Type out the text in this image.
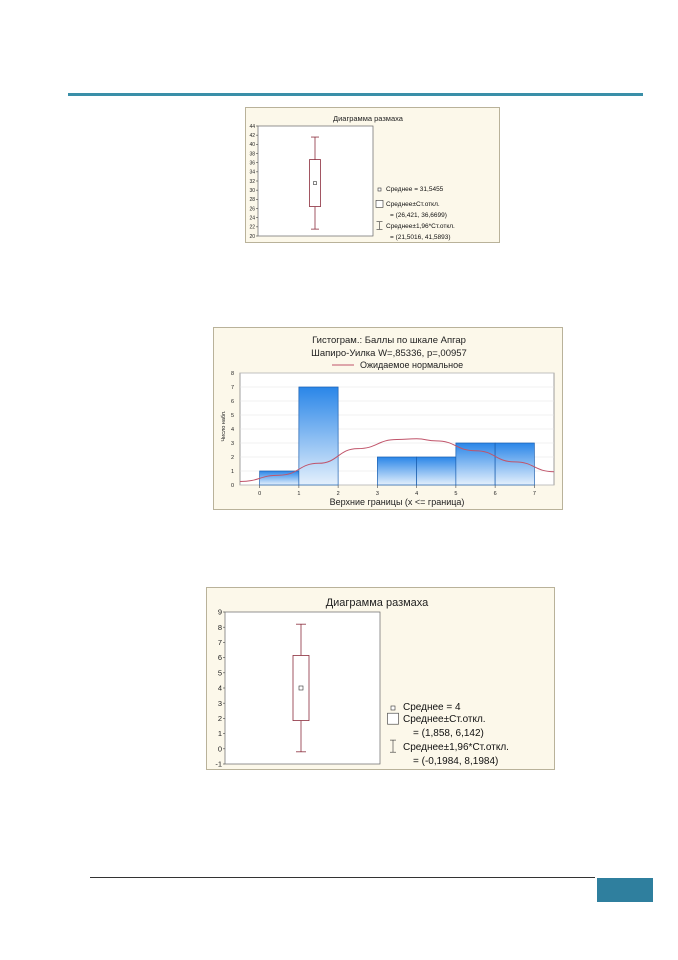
Диаграмма размаха
Среднее = 31,5455
Среднее±Ст.откл.
= (26,421, 36,6699)
Среднее±1,96*Ст.откл.
= (21,5016, 41,5893)
20
22
24
26
28
30
32
34
36
38
40
42
44
Гистограм.: Баллы по шкале Апгар
Шапиро-Уилка W=,85336, p=,00957
Ожидаемое нормальное
Верхние границы (x <= граница)
Число набл.
0
1
2
3
4
5
6
7
8
0	1	2	3	4	5	6	7
Диаграмма размаха
Среднее = 4
Среднее±Ст.откл.
= (1,858, 6,142)
Среднее±1,96*Ст.откл.
= (-0,1984, 8,1984)
-1
0
1
2
3
4
5
6
7
8
9
